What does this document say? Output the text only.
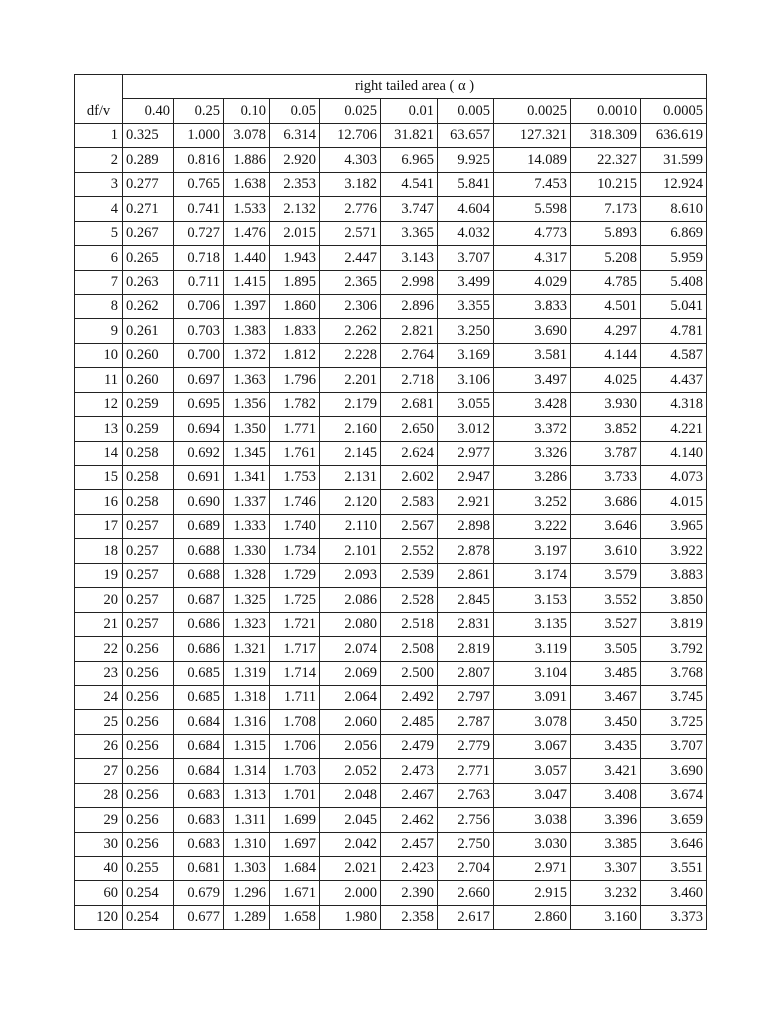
	right tailed area ( α )									
df/v	0.40	0.25	0.10	0.05	0.025	0.01	0.005	0.0025	0.0010	0.0005
1	0.325	1.000	3.078	6.314	12.706	31.821	63.657	127.321	318.309	636.619
2	0.289	0.816	1.886	2.920	4.303	6.965	9.925	14.089	22.327	31.599
3	0.277	0.765	1.638	2.353	3.182	4.541	5.841	7.453	10.215	12.924
4	0.271	0.741	1.533	2.132	2.776	3.747	4.604	5.598	7.173	8.610
5	0.267	0.727	1.476	2.015	2.571	3.365	4.032	4.773	5.893	6.869
6	0.265	0.718	1.440	1.943	2.447	3.143	3.707	4.317	5.208	5.959
7	0.263	0.711	1.415	1.895	2.365	2.998	3.499	4.029	4.785	5.408
8	0.262	0.706	1.397	1.860	2.306	2.896	3.355	3.833	4.501	5.041
9	0.261	0.703	1.383	1.833	2.262	2.821	3.250	3.690	4.297	4.781
10	0.260	0.700	1.372	1.812	2.228	2.764	3.169	3.581	4.144	4.587
11	0.260	0.697	1.363	1.796	2.201	2.718	3.106	3.497	4.025	4.437
12	0.259	0.695	1.356	1.782	2.179	2.681	3.055	3.428	3.930	4.318
13	0.259	0.694	1.350	1.771	2.160	2.650	3.012	3.372	3.852	4.221
14	0.258	0.692	1.345	1.761	2.145	2.624	2.977	3.326	3.787	4.140
15	0.258	0.691	1.341	1.753	2.131	2.602	2.947	3.286	3.733	4.073
16	0.258	0.690	1.337	1.746	2.120	2.583	2.921	3.252	3.686	4.015
17	0.257	0.689	1.333	1.740	2.110	2.567	2.898	3.222	3.646	3.965
18	0.257	0.688	1.330	1.734	2.101	2.552	2.878	3.197	3.610	3.922
19	0.257	0.688	1.328	1.729	2.093	2.539	2.861	3.174	3.579	3.883
20	0.257	0.687	1.325	1.725	2.086	2.528	2.845	3.153	3.552	3.850
21	0.257	0.686	1.323	1.721	2.080	2.518	2.831	3.135	3.527	3.819
22	0.256	0.686	1.321	1.717	2.074	2.508	2.819	3.119	3.505	3.792
23	0.256	0.685	1.319	1.714	2.069	2.500	2.807	3.104	3.485	3.768
24	0.256	0.685	1.318	1.711	2.064	2.492	2.797	3.091	3.467	3.745
25	0.256	0.684	1.316	1.708	2.060	2.485	2.787	3.078	3.450	3.725
26	0.256	0.684	1.315	1.706	2.056	2.479	2.779	3.067	3.435	3.707
27	0.256	0.684	1.314	1.703	2.052	2.473	2.771	3.057	3.421	3.690
28	0.256	0.683	1.313	1.701	2.048	2.467	2.763	3.047	3.408	3.674
29	0.256	0.683	1.311	1.699	2.045	2.462	2.756	3.038	3.396	3.659
30	0.256	0.683	1.310	1.697	2.042	2.457	2.750	3.030	3.385	3.646
40	0.255	0.681	1.303	1.684	2.021	2.423	2.704	2.971	3.307	3.551
60	0.254	0.679	1.296	1.671	2.000	2.390	2.660	2.915	3.232	3.460
120	0.254	0.677	1.289	1.658	1.980	2.358	2.617	2.860	3.160	3.373
